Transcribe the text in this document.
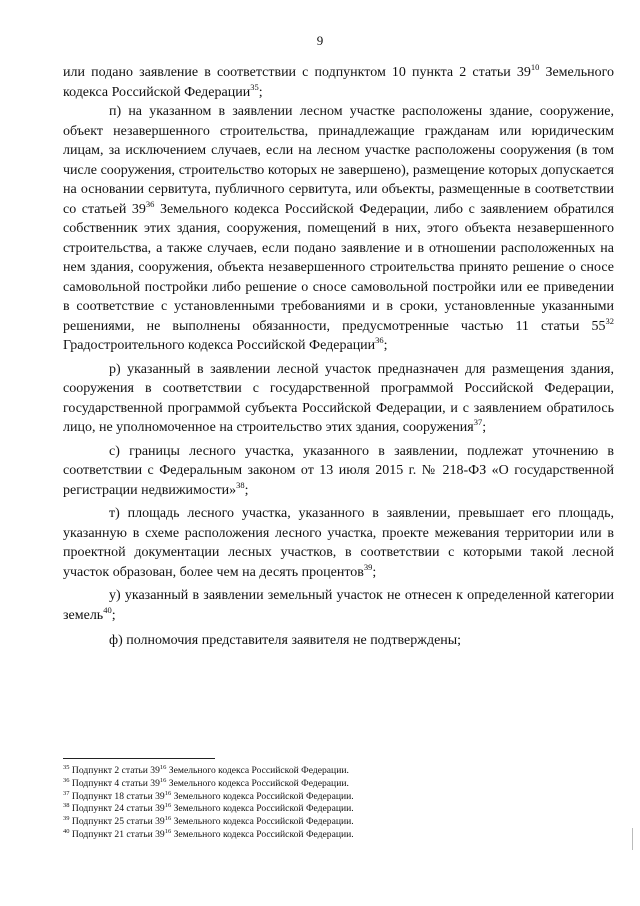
9

или подано заявление в соответствии с подпунктом 10 пункта 2 статьи $39^{10}$ Земельного кодекса Российской Федерации$^{35}$;

п) на указанном в заявлении лесном участке расположены здание, сооружение, объект незавершенного строительства, принадлежащие гражданам или юридическим лицам, за исключением случаев, если на лесном участке расположены сооружения (в том числе сооружения, строительство которых не завершено), размещение которых допускается на основании сервитута, публичного сервитута, или объекты, размещенные в соответствии со статьей $39^{36}$ Земельного кодекса Российской Федерации, либо с заявлением обратился собственник этих здания, сооружения, помещений в них, этого объекта незавершенного строительства, а также случаев, если подано заявление и в отношении расположенных на нем здания, сооружения, объекта незавершенного строительства принято решение о сносе самовольной постройки либо решение о сносе самовольной постройки или ее приведении в соответствие с установленными требованиями и в сроки, установленные указанными решениями, не выполнены обязанности, предусмотренные частью 11 статьи $55^{32}$ Градостроительного кодекса Российской Федерации$^{36}$;

р) указанный в заявлении лесной участок предназначен для размещения здания, сооружения в соответствии с государственной программой Российской Федерации, государственной программой субъекта Российской Федерации, и с заявлением обратилось лицо, не уполномоченное на строительство этих здания, сооружения$^{37}$;

с) границы лесного участка, указанного в заявлении, подлежат уточнению в соответствии с Федеральным законом от 13 июля 2015 г. № 218-ФЗ «О государственной регистрации недвижимости»$^{38}$;

т) площадь лесного участка, указанного в заявлении, превышает его площадь, указанную в схеме расположения лесного участка, проекте межевания территории или в проектной документации лесных участков, в соответствии с которыми такой лесной участок образован, более чем на десять процентов$^{39}$;

у) указанный в заявлении земельный участок не отнесен к определенной категории земель$^{40}$;

ф) полномочия представителя заявителя не подтверждены;

$^{35}$ Подпункт 2 статьи $39^{16}$ Земельного кодекса Российской Федерации.

$^{36}$ Подпункт 4 статьи $39^{16}$ Земельного кодекса Российской Федерации.

$^{37}$ Подпункт 18 статьи $39^{16}$ Земельного кодекса Российской Федерации.

$^{38}$ Подпункт 24 статьи $39^{16}$ Земельного кодекса Российской Федерации.

$^{39}$ Подпункт 25 статьи $39^{16}$ Земельного кодекса Российской Федерации.

$^{40}$ Подпункт 21 статьи $39^{16}$ Земельного кодекса Российской Федерации.
